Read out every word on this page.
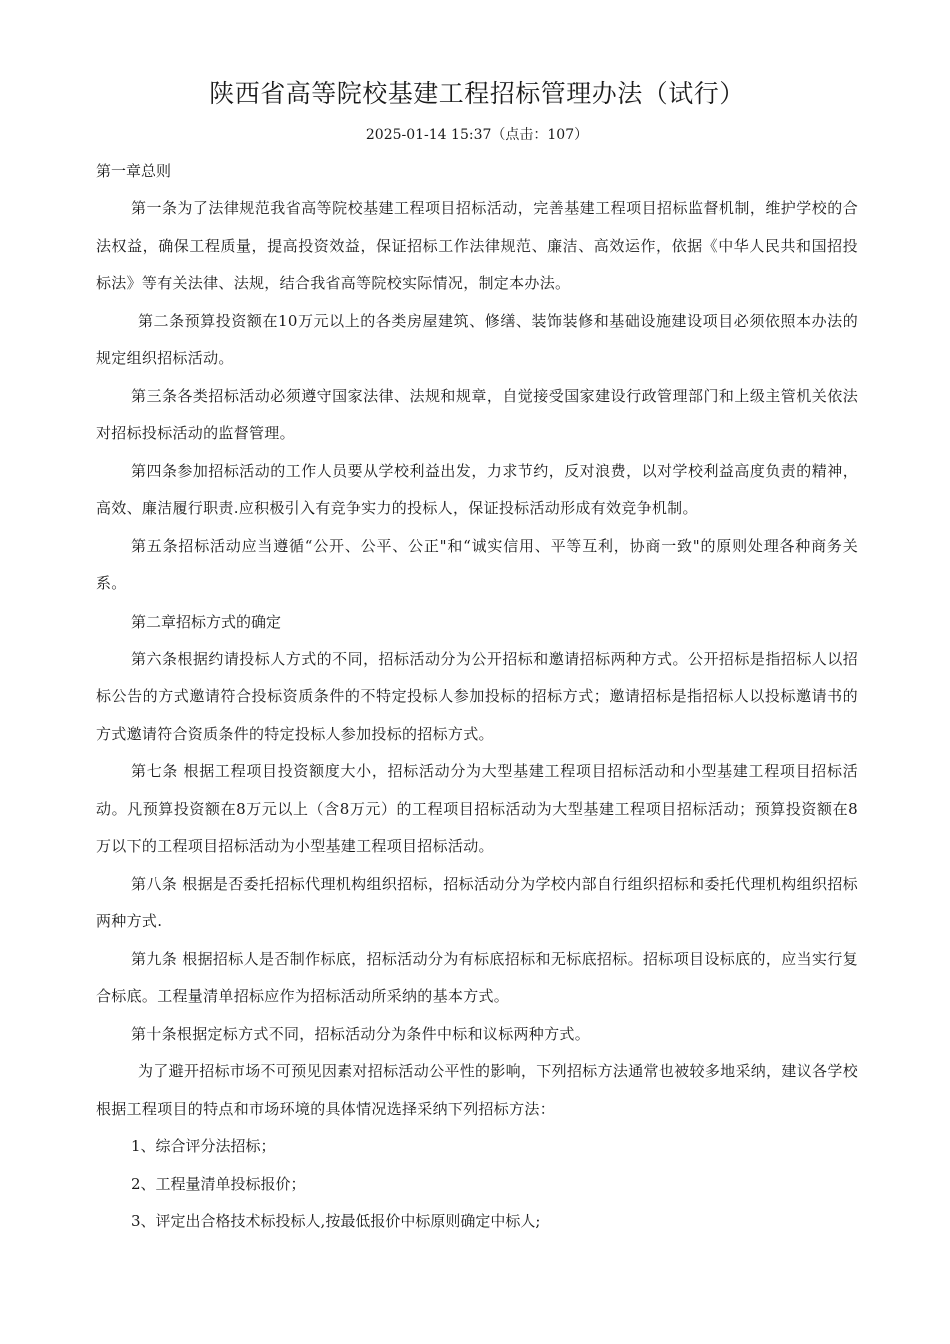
陕西省高等院校基建工程招标管理办法（试行）
2025-01-14 15:37（点击：107）

第一章总则

第一条为了法律规范我省高等院校基建工程项目招标活动，完善基建工程项目招标监督机制，维护学校的合法权益，确保工程质量，提高投资效益，保证招标工作法律规范、廉洁、高效运作，依据《中华人民共和国招投标法》等有关法律、法规，结合我省高等院校实际情况，制定本办法。

第二条预算投资额在10万元以上的各类房屋建筑、修缮、装饰装修和基础设施建设项目必须依照本办法的规定组织招标活动。

第三条各类招标活动必须遵守国家法律、法规和规章，自觉接受国家建设行政管理部门和上级主管机关依法对招标投标活动的监督管理。

第四条参加招标活动的工作人员要从学校利益出发，力求节约，反对浪费，以对学校利益高度负责的精神，高效、廉洁履行职责.应积极引入有竞争实力的投标人，保证投标活动形成有效竞争机制。

第五条招标活动应当遵循“公开、公平、公正"和“诚实信用、平等互利，协商一致"的原则处理各种商务关系。

第二章招标方式的确定

第六条根据约请投标人方式的不同，招标活动分为公开招标和邀请招标两种方式。公开招标是指招标人以招标公告的方式邀请符合投标资质条件的不特定投标人参加投标的招标方式；邀请招标是指招标人以投标邀请书的方式邀请符合资质条件的特定投标人参加投标的招标方式。

第七条 根据工程项目投资额度大小，招标活动分为大型基建工程项目招标活动和小型基建工程项目招标活动。凡预算投资额在8万元以上（含8万元）的工程项目招标活动为大型基建工程项目招标活动；预算投资额在8万以下的工程项目招标活动为小型基建工程项目招标活动。

第八条 根据是否委托招标代理机构组织招标，招标活动分为学校内部自行组织招标和委托代理机构组织招标两种方式.

第九条 根据招标人是否制作标底，招标活动分为有标底招标和无标底招标。招标项目设标底的，应当实行复合标底。工程量清单招标应作为招标活动所采纳的基本方式。

第十条根据定标方式不同，招标活动分为条件中标和议标两种方式。

为了避开招标市场不可预见因素对招标活动公平性的影响，下列招标方法通常也被较多地采纳，建议各学校根据工程项目的特点和市场环境的具体情况选择采纳下列招标方法：

1、综合评分法招标；

2、工程量清单投标报价；

3、评定出合格技术标投标人,按最低报价中标原则确定中标人;
